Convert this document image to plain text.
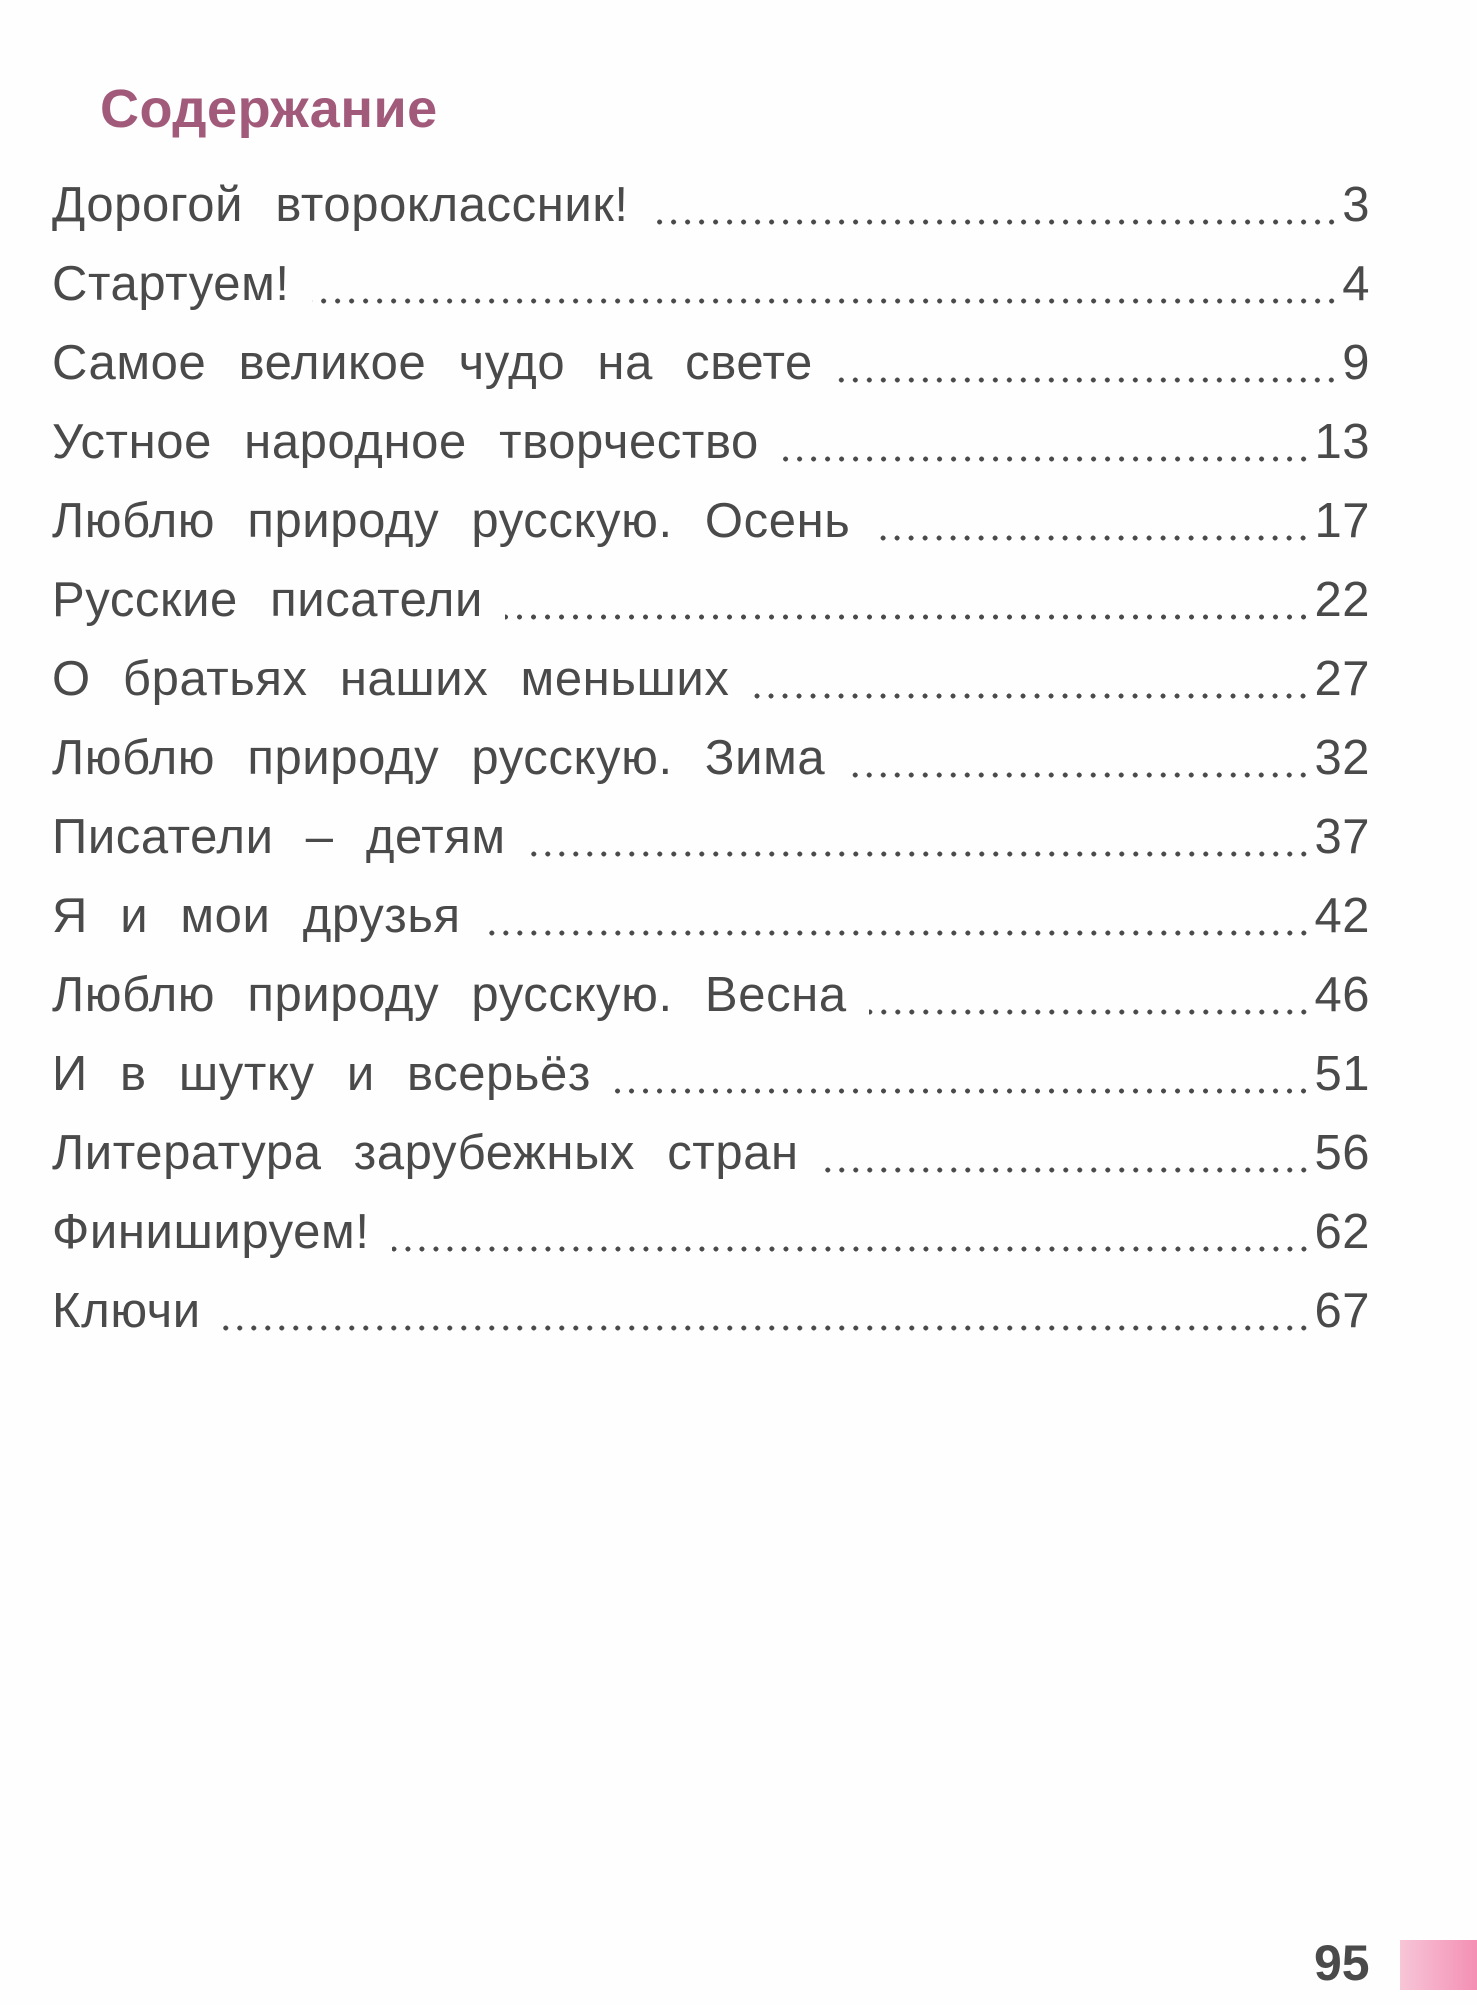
Содержание
Дорогой второклассник!	3
Стартуем!	4
Самое великое чудо на свете	9
Устное народное творчество	13
Люблю природу русскую. Осень	17
Русские писатели	22
О братьях наших меньших	27
Люблю природу русскую. Зима	32
Писатели – детям	37
Я и мои друзья	42
Люблю природу русскую. Весна	46
И в шутку и всерьёз	51
Литература зарубежных стран	56
Финишируем!	62
Ключи	67
95
